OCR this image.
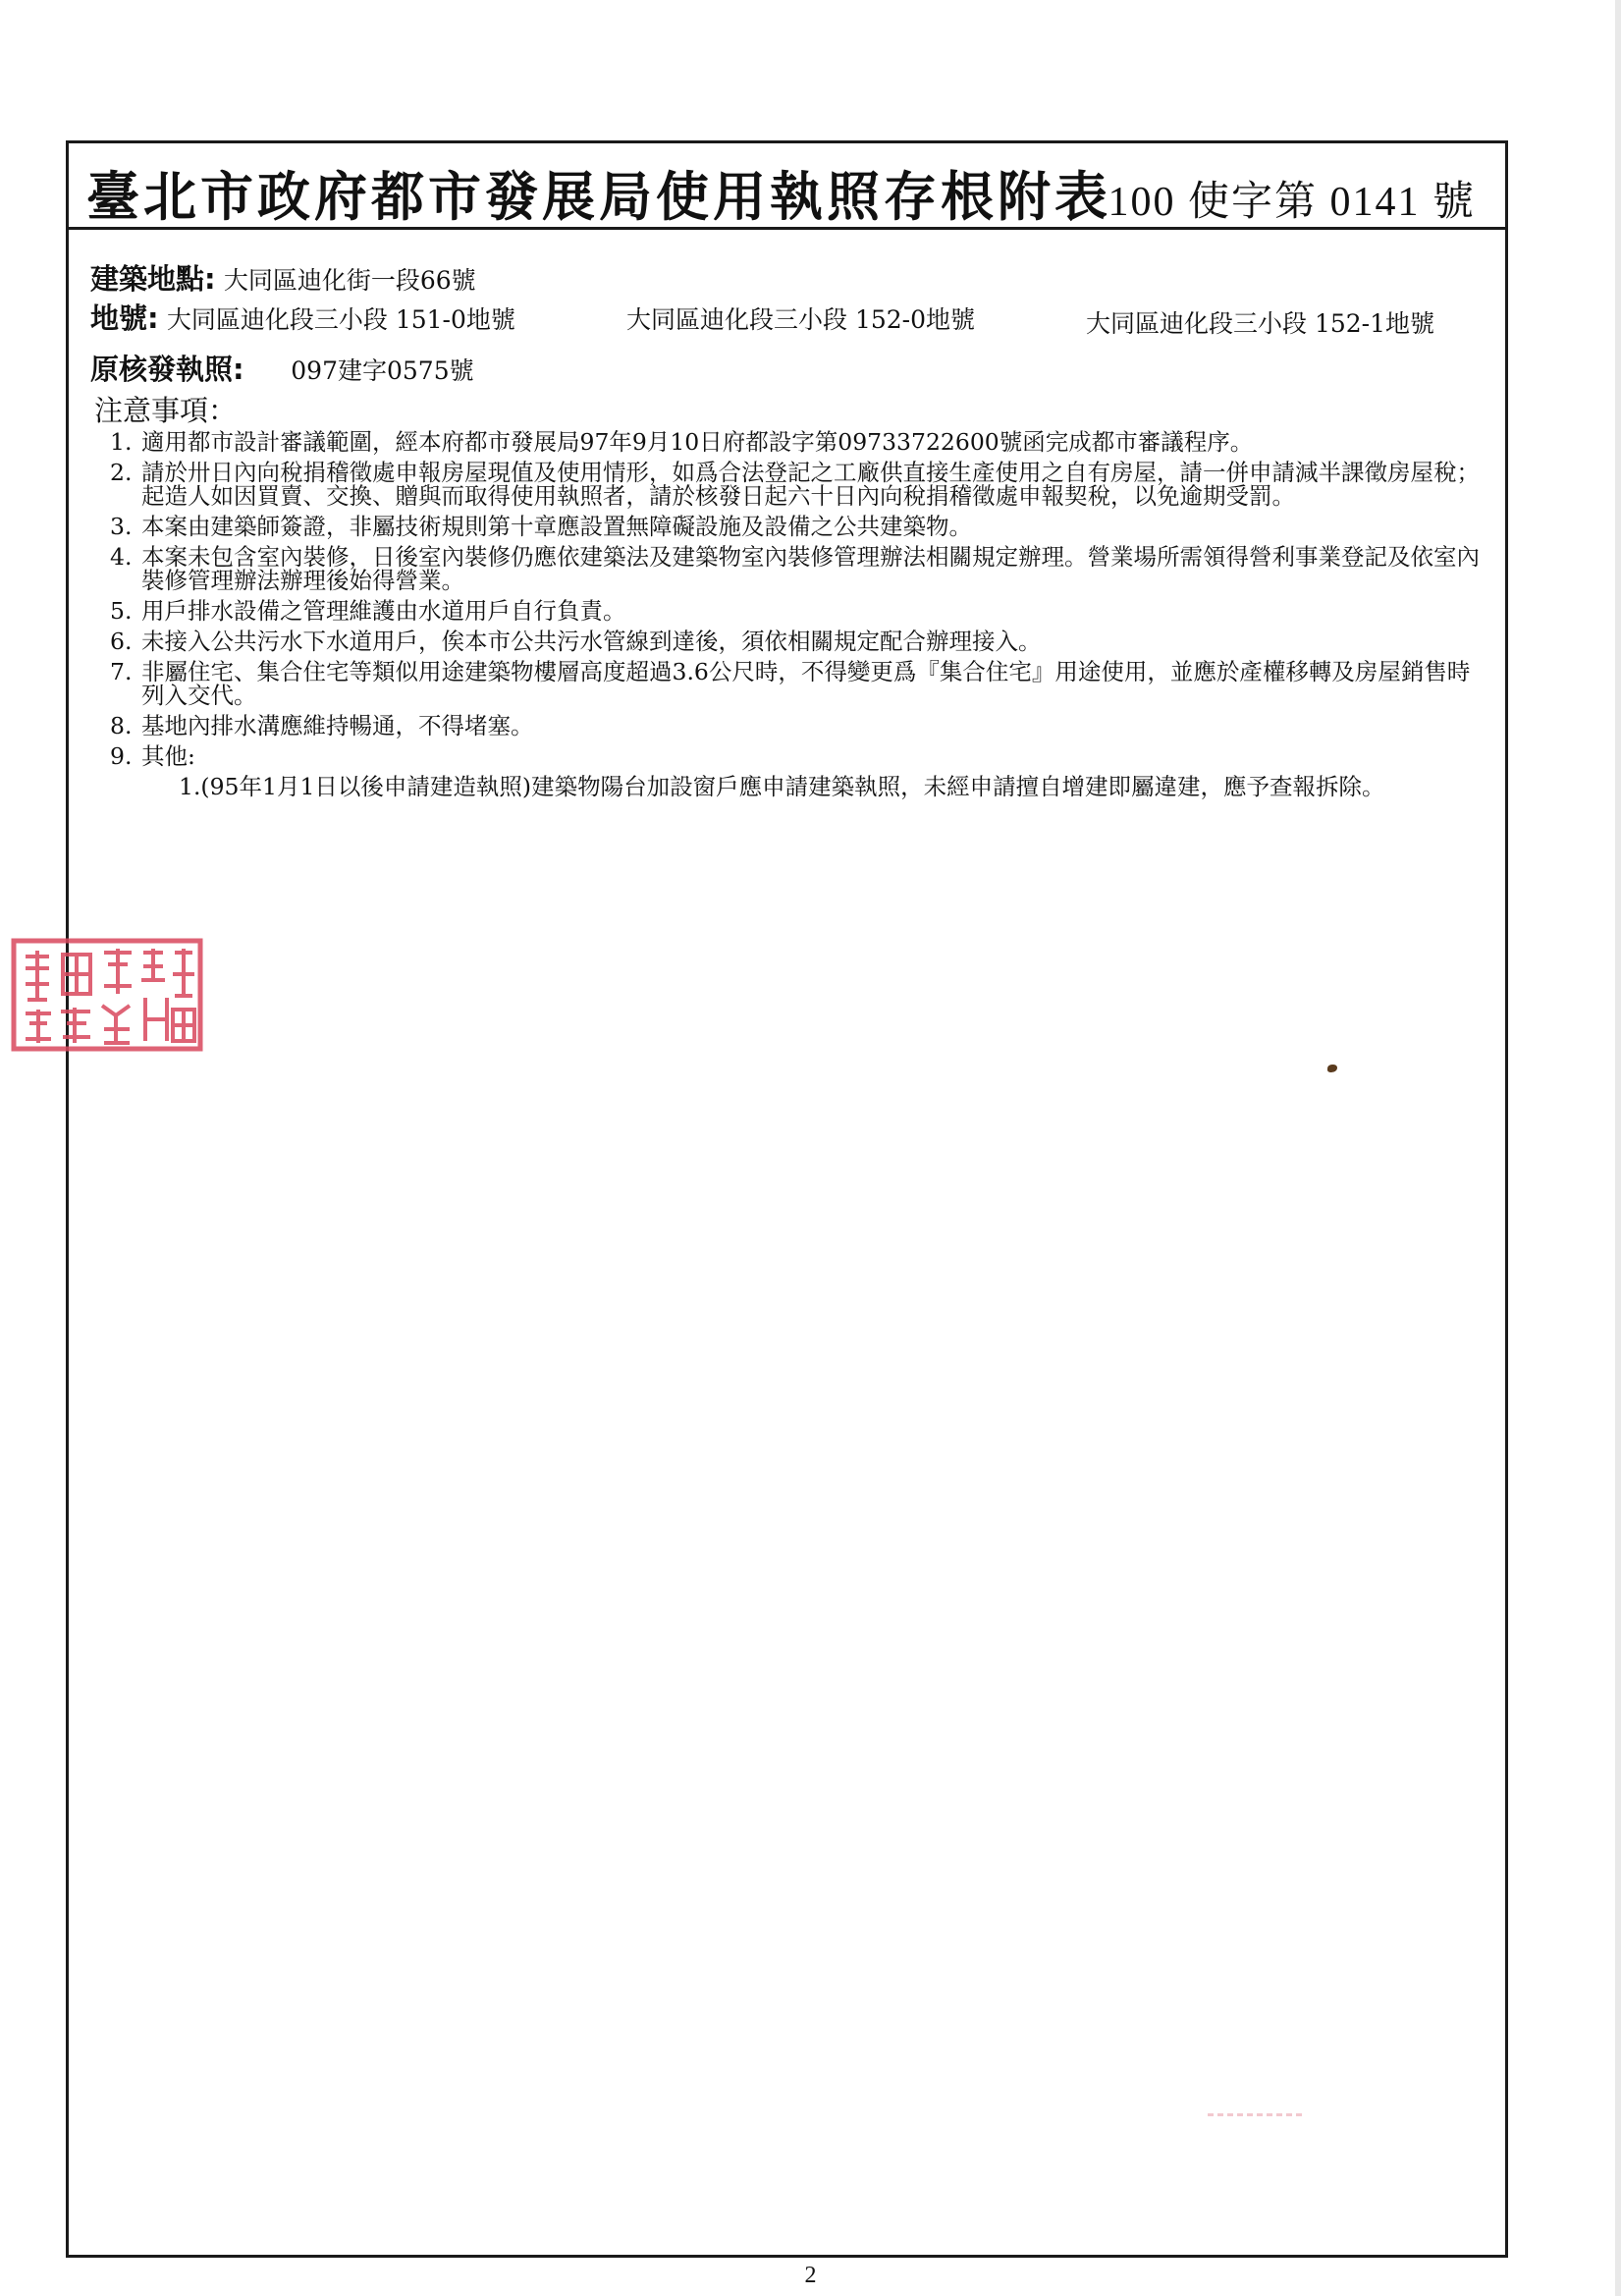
臺北市政府都市發展局使用執照存根附表
100 使字第 0141 號
建築地點: 大同區迪化街一段66號
地號: 大同區迪化段三小段 151-0地號	大同區迪化段三小段 152-0地號	大同區迪化段三小段 152-1地號
原核發執照: 097建字0575號
注意事項：
1. 適用都市設計審議範圍，經本府都市發展局97年9月10日府都設字第09733722600號函完成都市審議程序。
2. 請於卅日內向稅捐稽徵處申報房屋現值及使用情形，如爲合法登記之工廠供直接生產使用之自有房屋，請一併申請減半課徵房屋稅；起造人如因買賣、交換、贈與而取得使用執照者，請於核發日起六十日內向稅捐稽徵處申報契稅，以免逾期受罰。
3. 本案由建築師簽證，非屬技術規則第十章應設置無障礙設施及設備之公共建築物。
4. 本案未包含室內裝修，日後室內裝修仍應依建築法及建築物室內裝修管理辦法相關規定辦理。營業場所需領得營利事業登記及依室內裝修管理辦法辦理後始得營業。
5. 用戶排水設備之管理維護由水道用戶自行負責。
6. 未接入公共污水下水道用戶，俟本市公共污水管線到達後，須依相關規定配合辦理接入。
7. 非屬住宅、集合住宅等類似用途建築物樓層高度超過3.6公尺時，不得變更爲『集合住宅』用途使用，並應於產權移轉及房屋銷售時列入交代。
8. 基地內排水溝應維持暢通，不得堵塞。
9. 其他:
1.(95年1月1日以後申請建造執照)建築物陽台加設窗戶應申請建築執照，未經申請擅自增建即屬違建，應予查報拆除。
2
